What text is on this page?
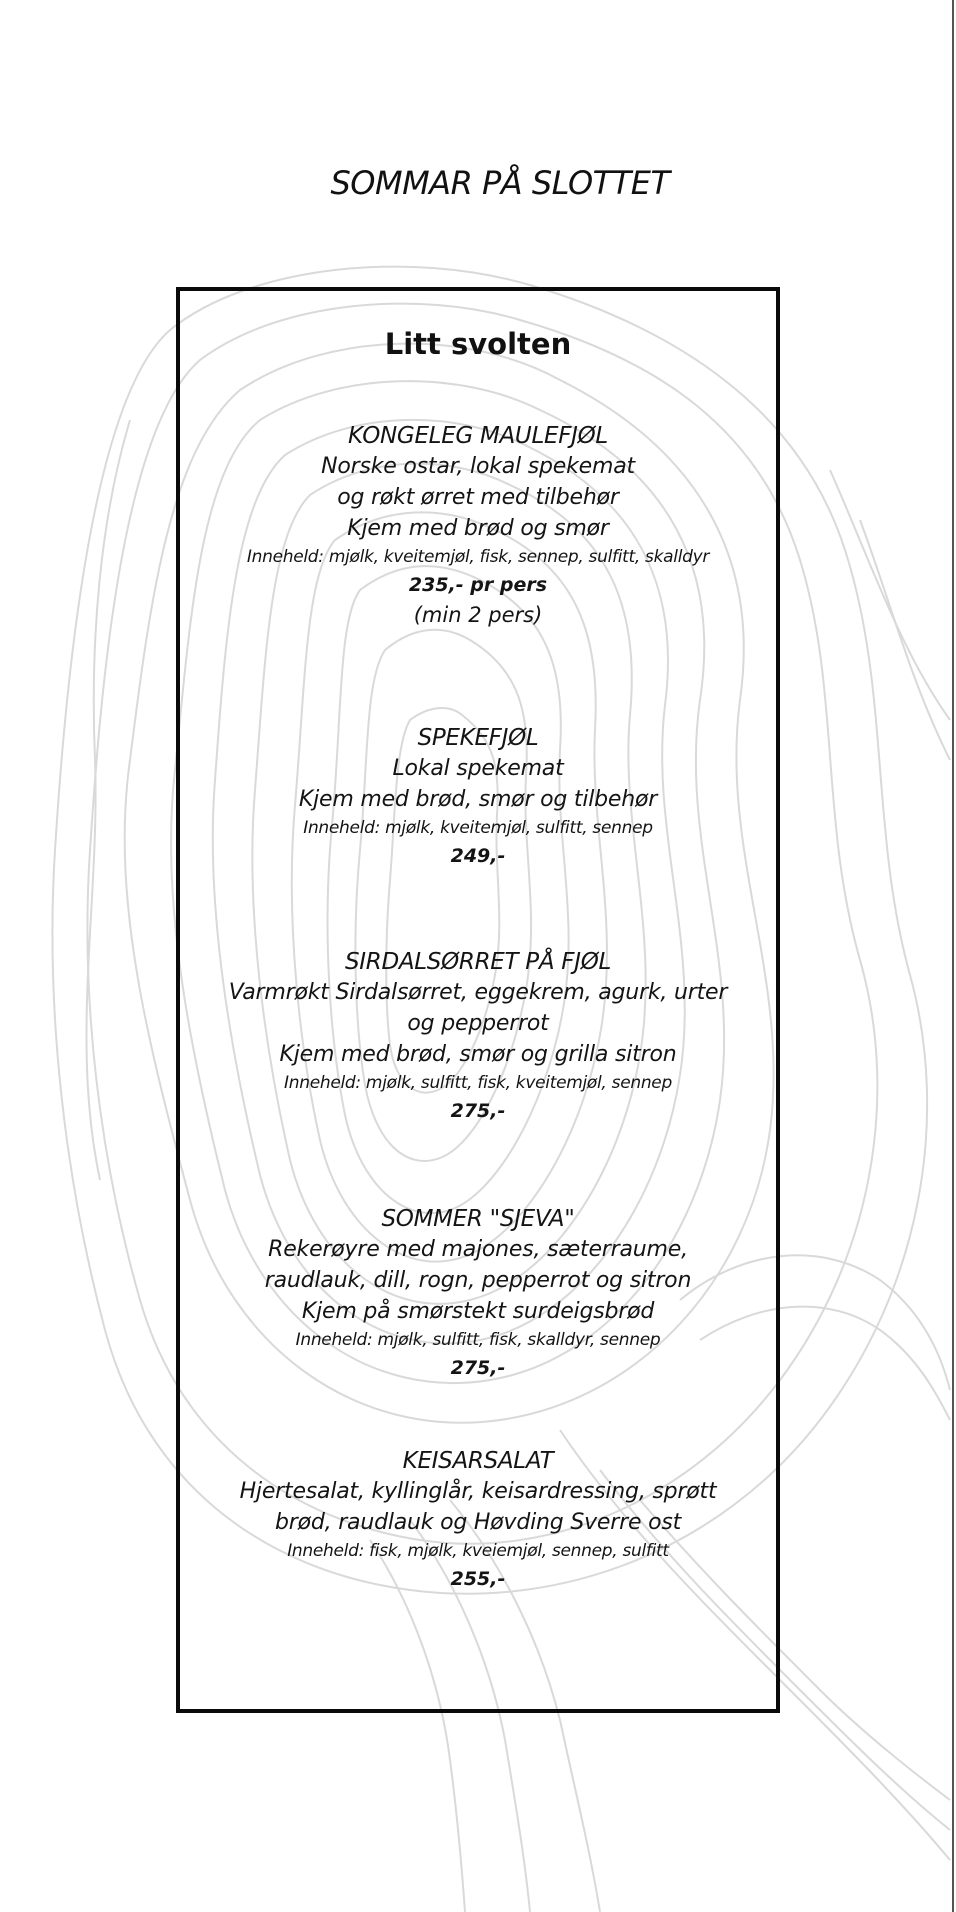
SOMMAR PÅ SLOTTET
Litt svolten
KONGELEG MAULEFJØL
Norske ostar, lokal spekemat
og røkt ørret med tilbehør
Kjem med brød og smør
Inneheld: mjølk, kveitemjøl, fisk, sennep, sulfitt, skalldyr
235,- pr pers
(min 2 pers)
SPEKEFJØL
Lokal spekemat
Kjem med brød, smør og tilbehør
Inneheld: mjølk, kveitemjøl, sulfitt, sennep
249,-
SIRDALSØRRET PÅ FJØL
Varmrøkt Sirdalsørret, eggekrem, agurk, urter
og pepperrot
Kjem med brød, smør og grilla sitron
Inneheld: mjølk, sulfitt, fisk, kveitemjøl, sennep
275,-
SOMMER "SJEVA"
Rekerøyre med majones, sæterraume,
raudlauk, dill, rogn, pepperrot og sitron
Kjem på smørstekt surdeigsbrød
Inneheld: mjølk, sulfitt, fisk, skalldyr, sennep
275,-
KEISARSALAT
Hjertesalat, kyllinglår, keisardressing, sprøtt
brød, raudlauk og Høvding Sverre ost
Inneheld: fisk, mjølk, kveiemjøl, sennep, sulfitt
255,-
